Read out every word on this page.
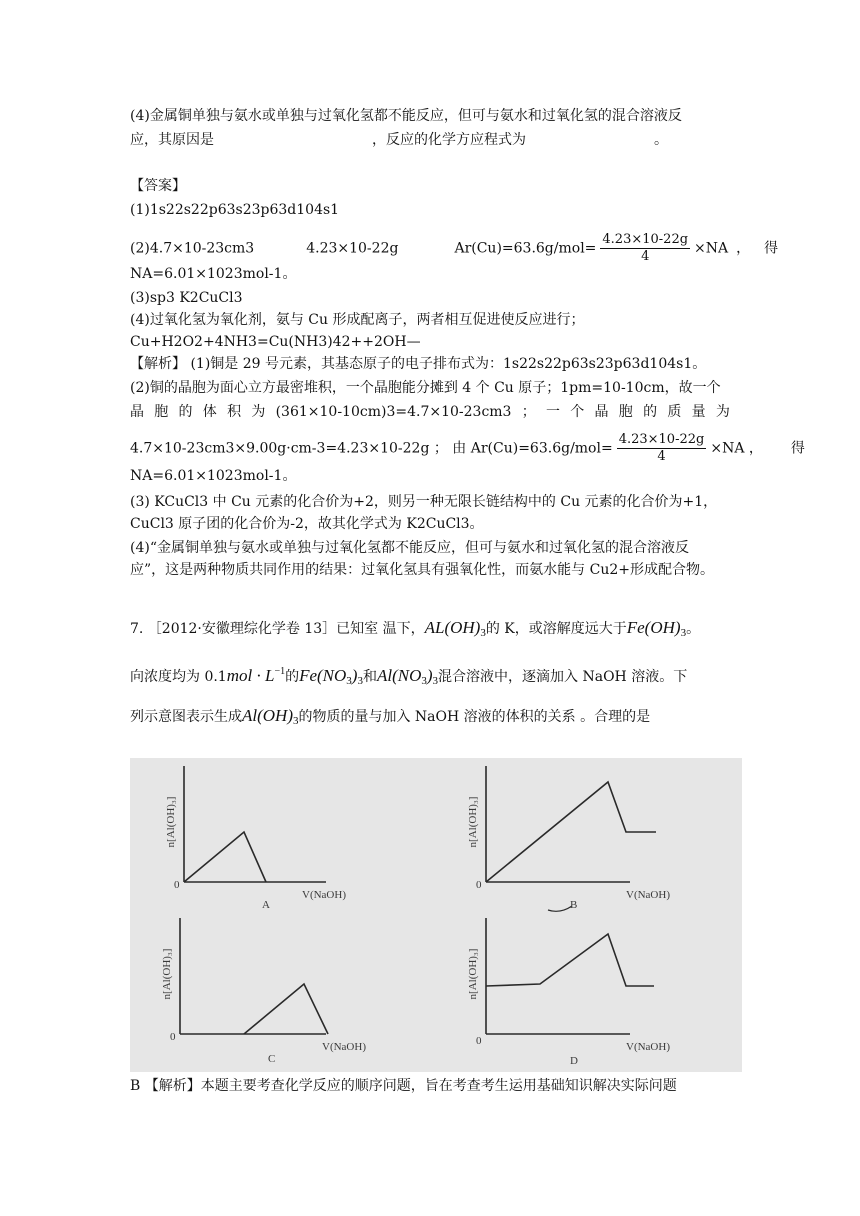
(4)金属铜单独与氨水或单独与过氧化氢都不能反应，但可与氨水和过氧化氢的混合溶液反
应，其原因是	，反应的化学方应程式为	。
【答案】
(1)1s22s22p63s23p63d104s1
(2)4.7×10-23cm3	4.23×10-22g	$Ar(Cu)=63.6g/mol= \frac{4.23\times 10-22g}{4} \times NA$ ， 得
NA=6.01×1023mol-1。
(3)sp3 K2CuCl3
(4)过氧化氢为氧化剂，氨与 Cu 形成配离子，两者相互促进使反应进行；
Cu+H2O2+4NH3=Cu(NH3)42++2OH—
【解析】 (1)铜是 29 号元素，其基态原子的电子排布式为：1s22s22p63s23p63d104s1。
(2)铜的晶胞为面心立方最密堆积，一个晶胞能分摊到 4 个 Cu 原子；1pm=10-10cm，故一个
晶 胞 的 体 积 为 (361×10-10cm)3=4.7×10-23cm3 ； 一 个 晶 胞 的 质 量 为
4.7×10-23cm3×9.00g·cm-3=4.23×10-22g ； 由 $Ar(Cu)=63.6g/mol= \frac{4.23\times 10-22g}{4} \times NA$ ， 得
NA=6.01×1023mol-1。
(3) KCuCl3 中 Cu 元素的化合价为+2，则另一种无限长链结构中的 Cu 元素的化合价为+1，
CuCl3 原子团的化合价为-2，故其化学式为 K2CuCl3。
(4)“金属铜单独与氨水或单独与过氧化氢都不能反应，但可与氨水和过氧化氢的混合溶液反
应”，这是两种物质共同作用的结果：过氧化氢具有强氧化性，而氨水能与 Cu2+形成配合物。
7. ［2012·安徽理综化学卷 13］已知室 温下，$AL(OH)_3$的 K，或溶解度远大于$Fe(OH)_3$。
向浓度均为 $0.1mol \cdot L^{-1}$的$Fe(NO_3)_3$和$Al(NO_3)_3$混合溶液中，逐滴加入 NaOH 溶液。下
列示意图表示生成$Al(OH)_3$的物质的量与加入 NaOH 溶液的体积的关系 。合理的是
n[Al(OH)₃]	n[Al(OH)₃]
n[Al(OH)₃]	n[Al(OH)₃]
V(NaOH)	V(NaOH)
V(NaOH)	V(NaOH)
0	0
0	0
A	B
C	D
B 【解析】本题主要考查化学反应的顺序问题，旨在考查考生运用基础知识解决实际问题
